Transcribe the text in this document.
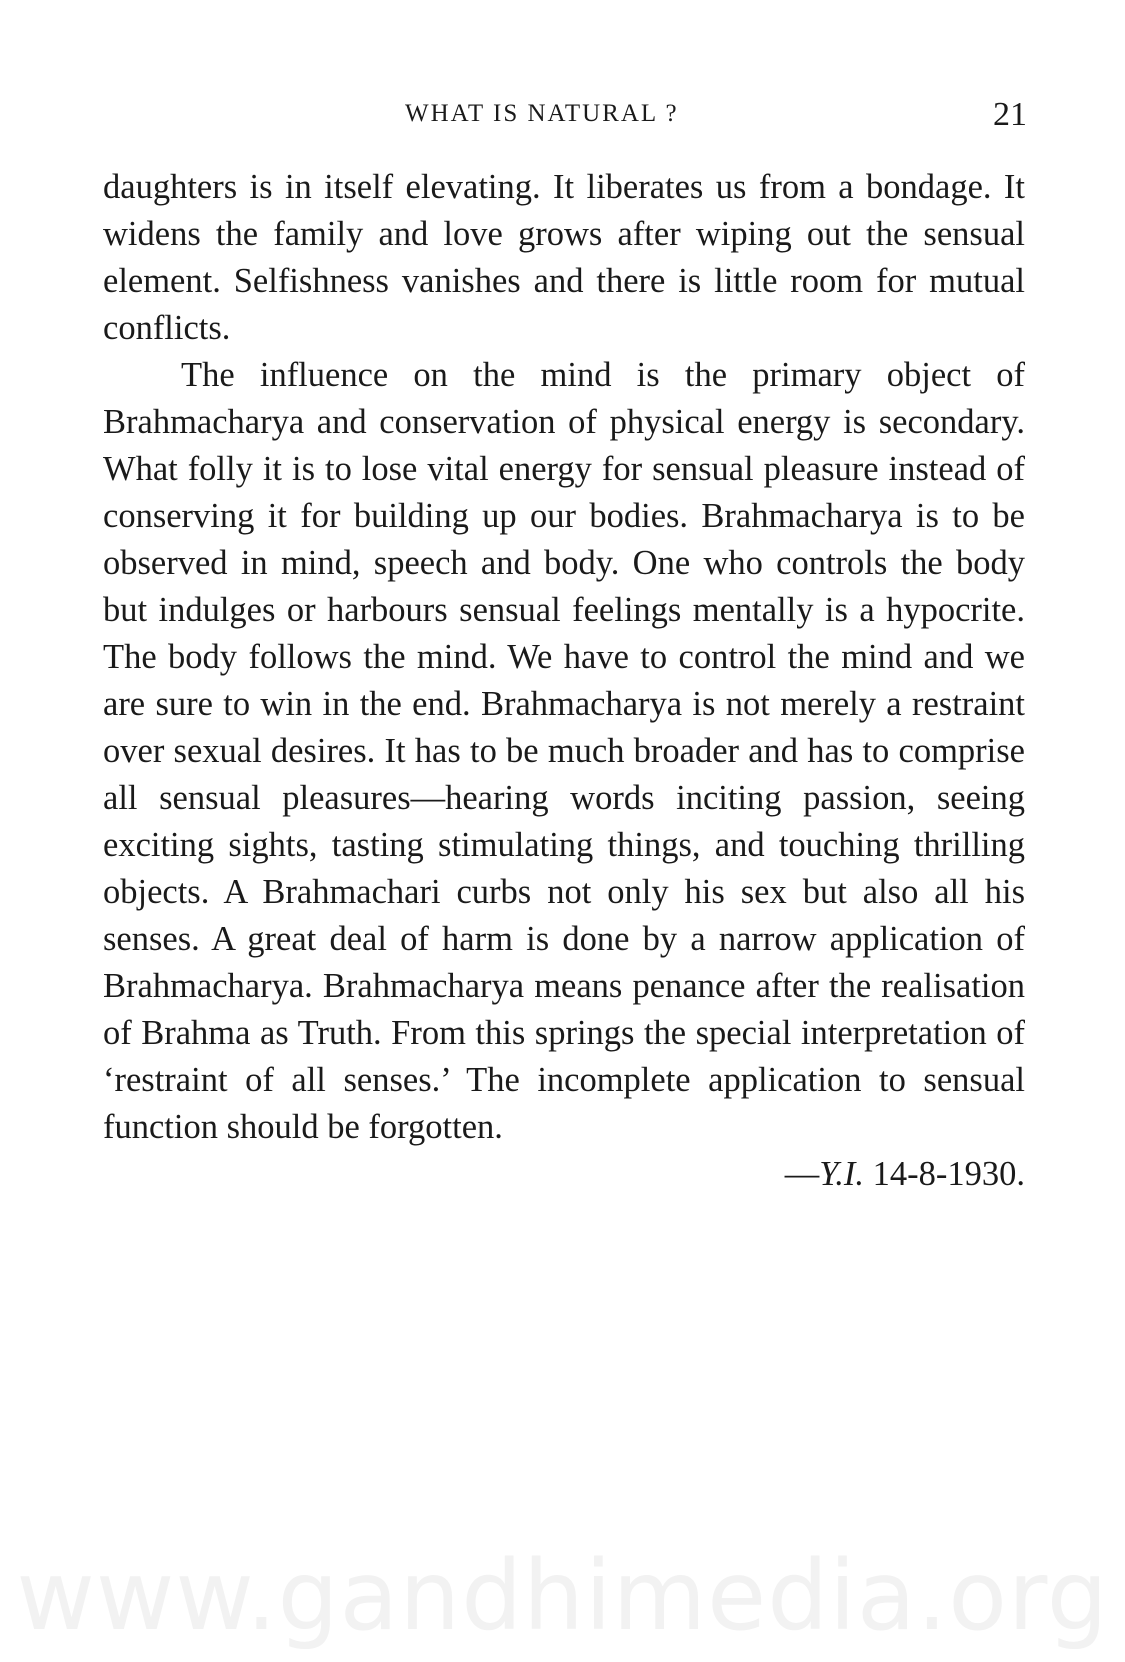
WHAT IS NATURAL ?	21

daughters is in itself elevating. It liberates us from a bondage. It widens the family and love grows after wiping out the sensual element. Selfishness vanishes and there is little room for mutual conflicts.

The influence on the mind is the primary object of Brahmacharya and conservation of physical energy is secondary. What folly it is to lose vital energy for sensual pleasure instead of conserving it for building up our bodies. Brahmacharya is to be observed in mind, speech and body. One who controls the body but indulges or harbours sensual feelings mentally is a hypocrite. The body follows the mind. We have to control the mind and we are sure to win in the end. Brahmacharya is not merely a restraint over sexual desires. It has to be much broader and has to comprise all sensual pleasures—hearing words inciting passion, seeing exciting sights, tasting stimulating things, and touching thrilling objects. A Brahmachari curbs not only his sex but also all his senses. A great deal of harm is done by a narrow application of Brahmacharya. Brahmacharya means penance after the realisation of Brahma as Truth. From this springs the special interpretation of ‘restraint of all senses.’ The incomplete application to sensual function should be forgotten.

—Y.I. 14-8-1930.

www.gandhimedia.org
